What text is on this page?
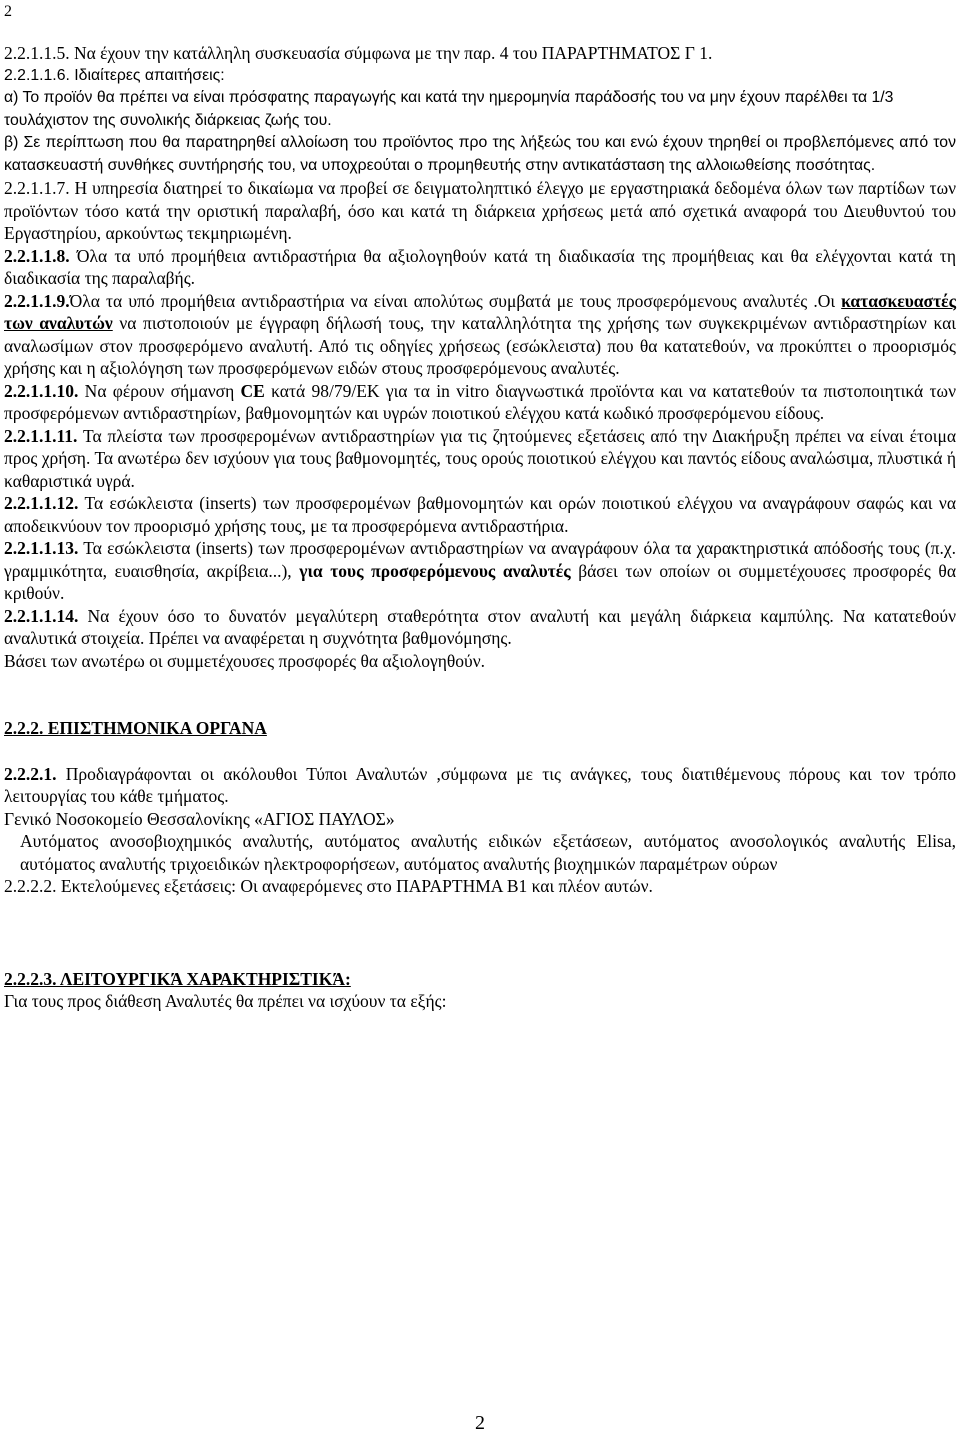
2

2.2.1.1.5. Να έχουν την κατάλληλη συσκευασία σύμφωνα με την παρ. 4 του ΠΑΡΑΡΤΗΜΑΤΟΣ Γ 1.

2.2.1.1.6. Ιδιαίτερες απαιτήσεις:

α) Το προϊόν θα πρέπει να είναι πρόσφατης παραγωγής και κατά την ημερομηνία παράδοσής του να μην έχουν παρέλθει τα 1/3 τουλάχιστον της συνολικής διάρκειας ζωής του.

β) Σε περίπτωση που θα παρατηρηθεί αλλοίωση του προϊόντος προ της λήξεώς του και ενώ έχουν τηρηθεί οι προβλεπόμενες από τον κατασκευαστή συνθήκες συντήρησής του, να υποχρεούται ο προμηθευτής στην αντικατάσταση της αλλοιωθείσης ποσότητας.

2.2.1.1.7. Η υπηρεσία διατηρεί το δικαίωμα να προβεί σε δειγματοληπτικό έλεγχο με εργαστηριακά δεδομένα όλων των παρτίδων των προϊόντων τόσο κατά την οριστική παραλαβή, όσο και κατά τη διάρκεια χρήσεως μετά από σχετικά αναφορά του Διευθυντού του Εργαστηρίου, αρκούντως τεκμηριωμένη.

2.2.1.1.8. Όλα τα υπό προμήθεια αντιδραστήρια θα αξιολογηθούν κατά τη διαδικασία της προμήθειας και θα ελέγχονται κατά τη διαδικασία της παραλαβής.

2.2.1.1.9.Όλα τα υπό προμήθεια αντιδραστήρια να είναι απολύτως συμβατά με τους προσφερόμενους αναλυτές .Οι κατασκευαστές των αναλυτών να πιστοποιούν με έγγραφη δήλωσή τους, την καταλληλότητα της χρήσης των συγκεκριμένων αντιδραστηρίων και αναλωσίμων στον προσφερόμενο αναλυτή. Από τις οδηγίες χρήσεως (εσώκλειστα) που θα κατατεθούν, να προκύπτει ο προορισμός χρήσης και η αξιολόγηση των προσφερόμενων ειδών στους προσφερόμενους αναλυτές.

2.2.1.1.10. Να φέρουν σήμανση CE κατά 98/79/ΕΚ για τα in vitro διαγνωστικά προϊόντα και να κατατεθούν τα πιστοποιητικά των προσφερόμενων αντιδραστηρίων, βαθμονομητών και υγρών ποιοτικού ελέγχου κατά κωδικό προσφερόμενου είδους.

2.2.1.1.11. Τα πλείστα των προσφερομένων αντιδραστηρίων για τις ζητούμενες εξετάσεις από την Διακήρυξη πρέπει να είναι έτοιμα προς χρήση. Τα ανωτέρω δεν ισχύουν για τους βαθμονομητές, τους ορούς ποιοτικού ελέγχου και παντός είδους αναλώσιμα, πλυστικά ή καθαριστικά υγρά.

2.2.1.1.12. Τα εσώκλειστα (inserts) των προσφερομένων βαθμονομητών και ορών ποιοτικού ελέγχου να αναγράφουν σαφώς και να αποδεικνύουν τον προορισμό χρήσης τους, με τα προσφερόμενα αντιδραστήρια.

2.2.1.1.13. Τα εσώκλειστα (inserts) των προσφερομένων αντιδραστηρίων να αναγράφουν όλα τα χαρακτηριστικά απόδοσής τους (π.χ. γραμμικότητα, ευαισθησία, ακρίβεια...), για τους προσφερόμενους αναλυτές βάσει των οποίων οι συμμετέχουσες προσφορές θα κριθούν.

2.2.1.1.14. Να έχουν όσο το δυνατόν μεγαλύτερη σταθερότητα στον αναλυτή και μεγάλη διάρκεια καμπύλης. Να κατατεθούν αναλυτικά στοιχεία. Πρέπει να αναφέρεται η συχνότητα βαθμονόμησης.

Βάσει των ανωτέρω οι συμμετέχουσες προσφορές θα αξιολογηθούν.

2.2.2. ΕΠΙΣΤΗΜΟΝΙΚΑ ΟΡΓΑΝΑ

2.2.2.1. Προδιαγράφονται οι ακόλουθοι Τύποι Αναλυτών ,σύμφωνα με τις ανάγκες, τους διατιθέμενους πόρους και τον τρόπο λειτουργίας του κάθε τμήματος.

Γενικό Νοσοκομείο Θεσσαλονίκης «ΑΓΙΟΣ ΠΑΥΛΟΣ»

Αυτόματος ανοσοβιοχημικός αναλυτής, αυτόματος αναλυτής ειδικών εξετάσεων, αυτόματος ανοσολογικός αναλυτής Elisa, αυτόματος αναλυτής τριχοειδικών ηλεκτροφορήσεων, αυτόματος αναλυτής βιοχημικών παραμέτρων ούρων

2.2.2.2. Εκτελούμενες εξετάσεις: Οι αναφερόμενες στο ΠΑΡΑΡΤΗΜΑ Β1 και πλέον αυτών.

2.2.2.3. ΛΕΙΤΟΥΡΓΙΚΆ ΧΑΡΑΚΤΗΡΙΣΤΙΚΆ:

Για τους προς διάθεση Αναλυτές θα πρέπει να ισχύουν τα εξής:

2
